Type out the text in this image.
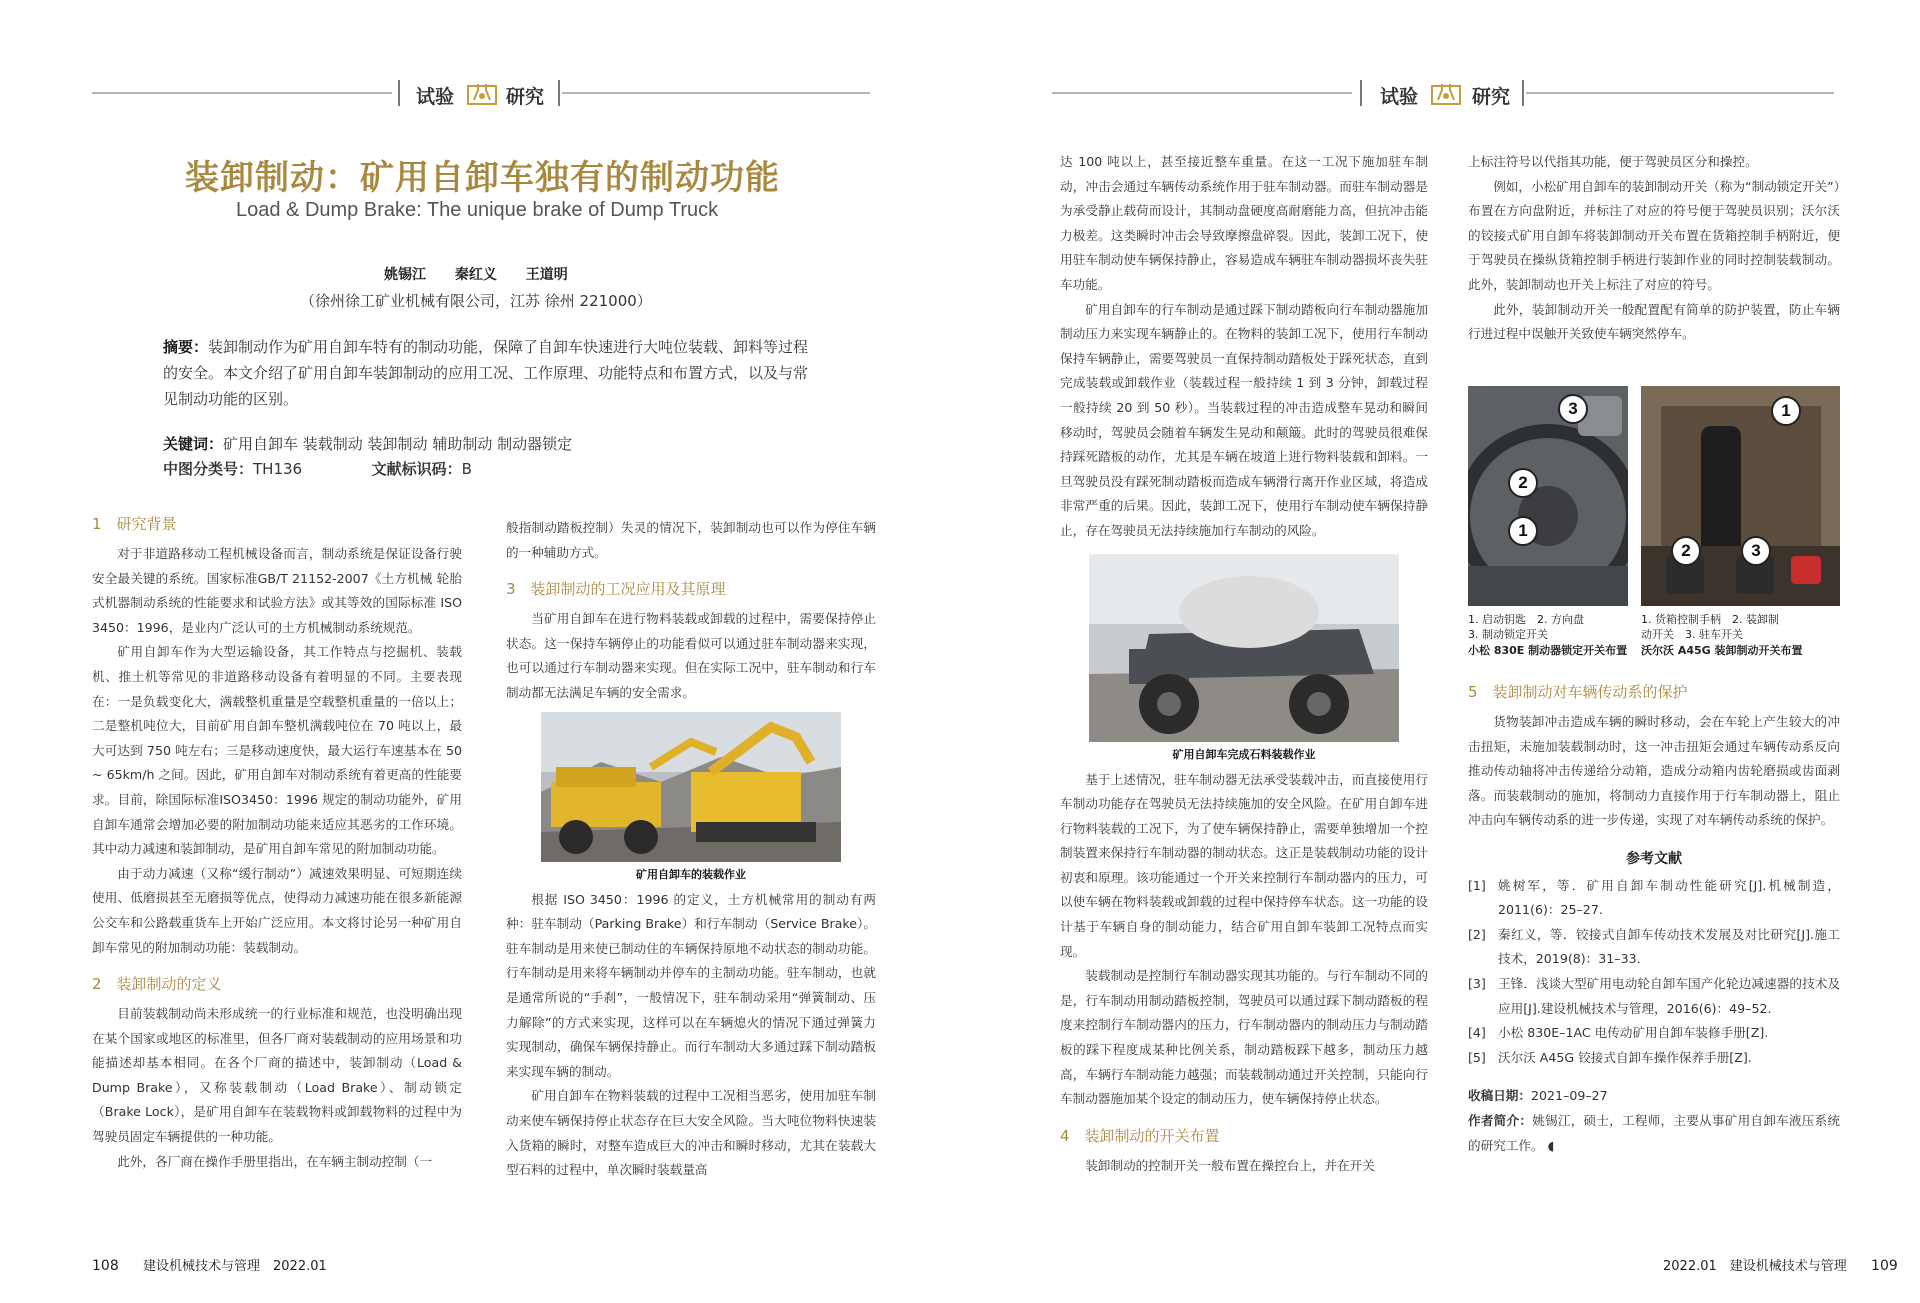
试验	研究	试验	研究
装卸制动：矿用自卸车独有的制动功能
Load & Dump Brake: The unique brake of Dump Truck
姚锡江 秦红义 王道明
（徐州徐工矿业机械有限公司，江苏 徐州 221000）
摘要：装卸制动作为矿用自卸车特有的制动功能，保障了自卸车快速进行大吨位装载、卸料等过程的安全。本文介绍了矿用自卸车装卸制动的应用工况、工作原理、功能特点和布置方式，以及与常见制动功能的区别。
关键词：矿用自卸车 装载制动 装卸制动 辅助制动 制动器锁定
中图分类号：TH136	文献标识码：B
1　研究背景

对于非道路移动工程机械设备而言，制动系统是保证设备行驶安全最关键的系统。国家标准GB/T 21152-2007《土方机械 轮胎式机器制动系统的性能要求和试验方法》或其等效的国际标准 ISO 3450：1996，是业内广泛认可的土方机械制动系统规范。

矿用自卸车作为大型运输设备，其工作特点与挖掘机、装载机、推土机等常见的非道路移动设备有着明显的不同。主要表现在：一是负载变化大，满载整机重量是空载整机重量的一倍以上；二是整机吨位大，目前矿用自卸车整机满载吨位在 70 吨以上，最大可达到 750 吨左右；三是移动速度快，最大运行车速基本在 50 ~ 65km/h 之间。因此，矿用自卸车对制动系统有着更高的性能要求。目前，除国际标准ISO3450：1996 规定的制动功能外，矿用自卸车通常会增加必要的附加制动功能来适应其恶劣的工作环境。其中动力减速和装卸制动，是矿用自卸车常见的附加制动功能。

由于动力减速（又称“缓行制动”）减速效果明显、可短期连续使用、低磨损甚至无磨损等优点，使得动力减速功能在很多新能源公交车和公路载重货车上开始广泛应用。本文将讨论另一种矿用自卸车常见的附加制动功能：装载制动。

2　装卸制动的定义

目前装载制动尚未形成统一的行业标准和规范，也没明确出现在某个国家或地区的标准里，但各厂商对装载制动的应用场景和功能描述却基本相同。在各个厂商的描述中，装卸制动（Load & Dump Brake），又称装载制动（Load Brake）、制动锁定（Brake Lock），是矿用自卸车在装载物料或卸载物料的过程中为驾驶员固定车辆提供的一种功能。

此外，各厂商在操作手册里指出，在车辆主制动控制（一

般指制动踏板控制）失灵的情况下，装卸制动也可以作为停住车辆的一种辅助方式。

3　装卸制动的工况应用及其原理

当矿用自卸车在进行物料装载或卸载的过程中，需要保持停止状态。这一保持车辆停止的功能看似可以通过驻车制动器来实现，也可以通过行车制动器来实现。但在实际工况中，驻车制动和行车制动都无法满足车辆的安全需求。

矿用自卸车的装载作业

根据 ISO 3450：1996 的定义，土方机械常用的制动有两种：驻车制动（Parking Brake）和行车制动（Service Brake）。驻车制动是用来使已制动住的车辆保持原地不动状态的制动功能。行车制动是用来将车辆制动并停车的主制动功能。驻车制动，也就是通常所说的“手刹”，一般情况下，驻车制动采用“弹簧制动、压力解除”的方式来实现，这样可以在车辆熄火的情况下通过弹簧力实现制动，确保车辆保持静止。而行车制动大多通过踩下制动踏板来实现车辆的制动。

矿用自卸车在物料装载的过程中工况相当恶劣，使用加驻车制动来使车辆保持停止状态存在巨大安全风险。当大吨位物料快速装入货箱的瞬时，对整车造成巨大的冲击和瞬时移动，尤其在装载大型石料的过程中，单次瞬时装载量高

达 100 吨以上，甚至接近整车重量。在这一工况下施加驻车制动，冲击会通过车辆传动系统作用于驻车制动器。而驻车制动器是为承受静止载荷而设计，其制动盘硬度高耐磨能力高，但抗冲击能力极差。这类瞬时冲击会导致摩擦盘碎裂。因此，装卸工况下，使用驻车制动使车辆保持静止，容易造成车辆驻车制动器损坏丧失驻车功能。

矿用自卸车的行车制动是通过踩下制动踏板向行车制动器施加制动压力来实现车辆静止的。在物料的装卸工况下，使用行车制动保持车辆静止，需要驾驶员一直保持制动踏板处于踩死状态，直到完成装载或卸载作业（装载过程一般持续 1 到 3 分钟，卸载过程一般持续 20 到 50 秒）。当装载过程的冲击造成整车晃动和瞬间移动时，驾驶员会随着车辆发生晃动和颠簸。此时的驾驶员很难保持踩死踏板的动作，尤其是车辆在坡道上进行物料装载和卸料。一旦驾驶员没有踩死制动踏板而造成车辆滑行离开作业区域，将造成非常严重的后果。因此，装卸工况下，使用行车制动使车辆保持静止，存在驾驶员无法持续施加行车制动的风险。

矿用自卸车完成石料装载作业

基于上述情况，驻车制动器无法承受装载冲击，而直接使用行车制动功能存在驾驶员无法持续施加的安全风险。在矿用自卸车进行物料装载的工况下，为了使车辆保持静止，需要单独增加一个控制装置来保持行车制动器的制动状态。这正是装载制动功能的设计初衷和原理。该功能通过一个开关来控制行车制动器内的压力，可以使车辆在物料装载或卸载的过程中保持停车状态。这一功能的设计基于车辆自身的制动能力，结合矿用自卸车装卸工况特点而实现。

装载制动是控制行车制动器实现其功能的。与行车制动不同的是，行车制动用制动踏板控制，驾驶员可以通过踩下制动踏板的程度来控制行车制动器内的压力，行车制动器内的制动压力与制动踏板的踩下程度成某种比例关系，制动踏板踩下越多，制动压力越高，车辆行车制动能力越强；而装载制动通过开关控制，只能向行车制动器施加某个设定的制动压力，使车辆保持停止状态。

4　装卸制动的开关布置

装卸制动的控制开关一般布置在操控台上，并在开关

上标注符号以代指其功能，便于驾驶员区分和操控。

例如，小松矿用自卸车的装卸制动开关（称为“制动锁定开关”）布置在方向盘附近，并标注了对应的符号便于驾驶员识别；沃尔沃的铰接式矿用自卸车将装卸制动开关布置在货箱控制手柄附近，便于驾驶员在操纵货箱控制手柄进行装卸作业的同时控制装载制动。此外，装卸制动也开关上标注了对应的符号。

此外，装卸制动开关一般配置配有简单的防护装置，防止车辆行进过程中误触开关致使车辆突然停车。

3
2
1
1
2	3
1. 启动钥匙　2. 方向盘
3. 制动锁定开关
小松 830E 制动器锁定开关布置
1. 货箱控制手柄　2. 装卸制
动开关　3. 驻车开关
沃尔沃 A45G 装卸制动开关布置
5　装卸制动对车辆传动系的保护

货物装卸冲击造成车辆的瞬时移动，会在车轮上产生较大的冲击扭矩，未施加装载制动时，这一冲击扭矩会通过车辆传动系反向推动传动轴将冲击传递给分动箱，造成分动箱内齿轮磨损或齿面剥落。而装载制动的施加，将制动力直接作用于行车制动器上，阻止冲击向车辆传动系的进一步传递，实现了对车辆传动系统的保护。

参考文献
[1] 姚树军，等．矿用自卸车制动性能研究[J].机械制造，2011(6)：25–27.
[2] 秦红义，等．铰接式自卸车传动技术发展及对比研究[J].施工技术，2019(8)：31–33.
[3] 王锋．浅谈大型矿用电动轮自卸车国产化轮边减速器的技术及应用[J].建设机械技术与管理，2016(6)：49–52.
[4] 小松 830E–1AC 电传动矿用自卸车装修手册[Z].
[5] 沃尔沃 A45G 铰接式自卸车操作保养手册[Z].

收稿日期：2021–09–27

作者简介：姚锡江，硕士，工程师，主要从事矿用自卸车液压系统的研究工作。 ◖

108 建设机械技术与管理　2022.01	2022.01　建设机械技术与管理 109
